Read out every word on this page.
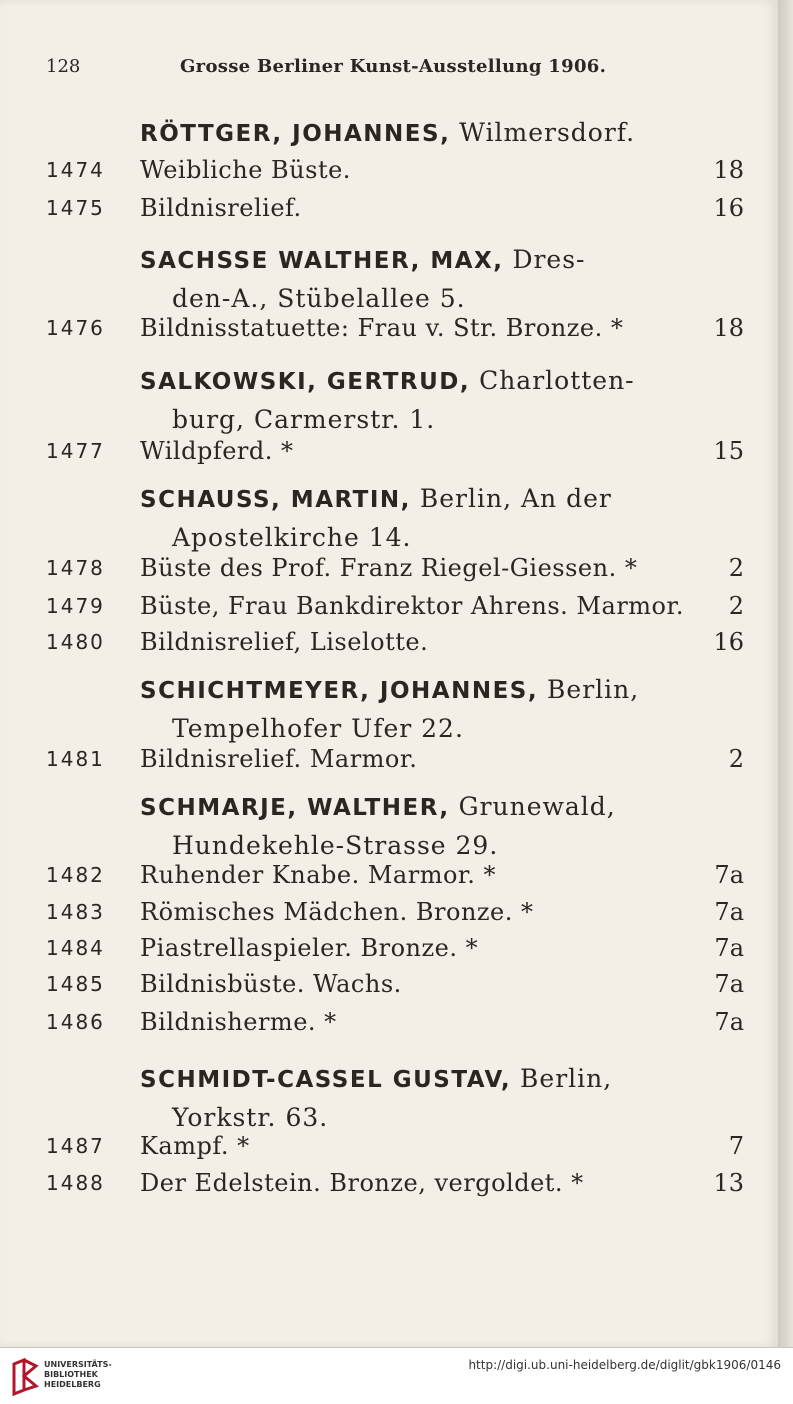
128	Grosse Berliner Kunst-Ausstellung 1906.
RÖTTGER, JOHANNES, Wilmersdorf.
1474 Weibliche Büste.	18
1475 Bildnisrelief.	16
SACHSSE WALTHER, MAX, Dres-
den-A., Stübelallee 5.
1476 Bildnisstatuette: Frau v. Str. Bronze. *	18
SALKOWSKI, GERTRUD, Charlotten-
burg, Carmerstr. 1.
1477 Wildpferd. *	15
SCHAUSS, MARTIN, Berlin, An der
Apostelkirche 14.
1478 Büste des Prof. Franz Riegel-Giessen. *	2
1479 Büste, Frau Bankdirektor Ahrens. Marmor. 2
1480 Bildnisrelief, Liselotte.	16
SCHICHTMEYER, JOHANNES, Berlin,
Tempelhofer Ufer 22.
1481 Bildnisrelief. Marmor.	2
SCHMARJE, WALTHER, Grunewald,
Hundekehle-Strasse 29.
1482 Ruhender Knabe. Marmor. *	7a
1483 Römisches Mädchen. Bronze. *	7a
1484 Piastrellaspieler. Bronze. *	7a
1485 Bildnisbüste. Wachs.	7a
1486 Bildnisherme. *	7a
SCHMIDT-CASSEL GUSTAV, Berlin,
Yorkstr. 63.
1487 Kampf. *	7
1488 Der Edelstein. Bronze, vergoldet. *	13
UNIVERSITÄTS-
BIBLIOTHEK
HEIDELBERG
http://digi.ub.uni-heidelberg.de/diglit/gbk1906/0146
